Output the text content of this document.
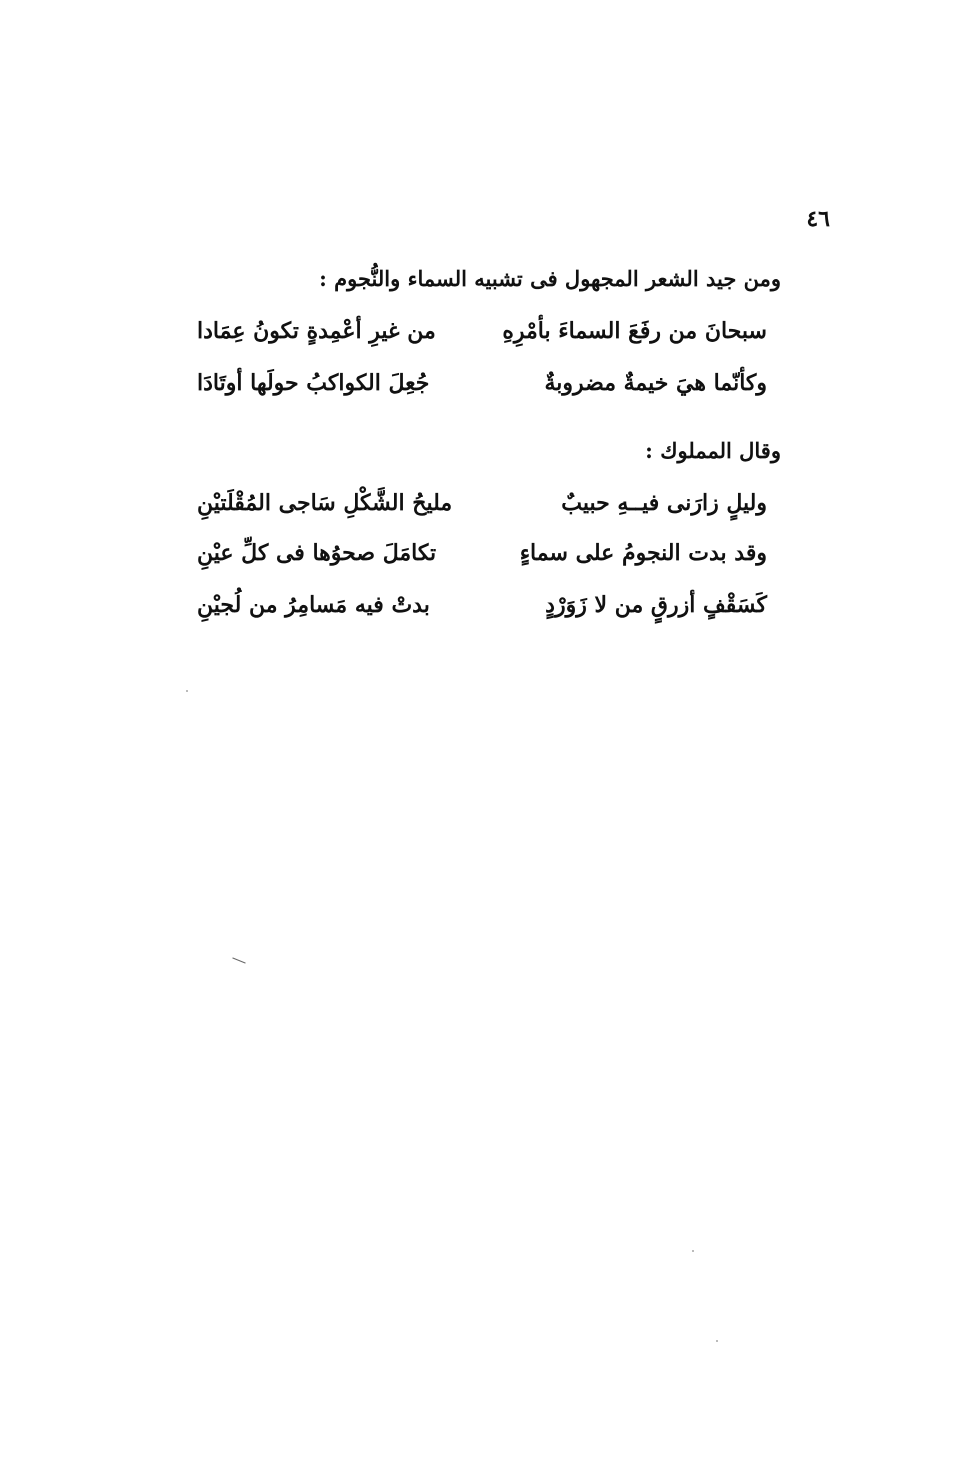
٤٦
ومن جيد الشعر المجهول فى تشبيه السماء والنُّجوم :
سبحانَ من رفَعَ السماءَ بأمْرِهِ
من غيرِ أعْمِدةٍ تكونُ عِمَادا
وكأنّما هيَ خيمةٌ مضروبةٌ
جُعِلَ الكواكبُ حولَها أوتَادَا
وقال المملوك :
وليلٍ زارَنى فيــهِ حبيبٌ
مليحُ الشَّكْلِ سَاجى المُقْلَتيْنِ
وقد بدت النجومُ على سماءٍ
تكامَلَ صحوُها فى كلِّ عيْنِ
كَسَقْفٍ أزرقٍ من لا زَوَرْدٍ
بدتْ فيه مَسامِرُ من لُجيْنِ
